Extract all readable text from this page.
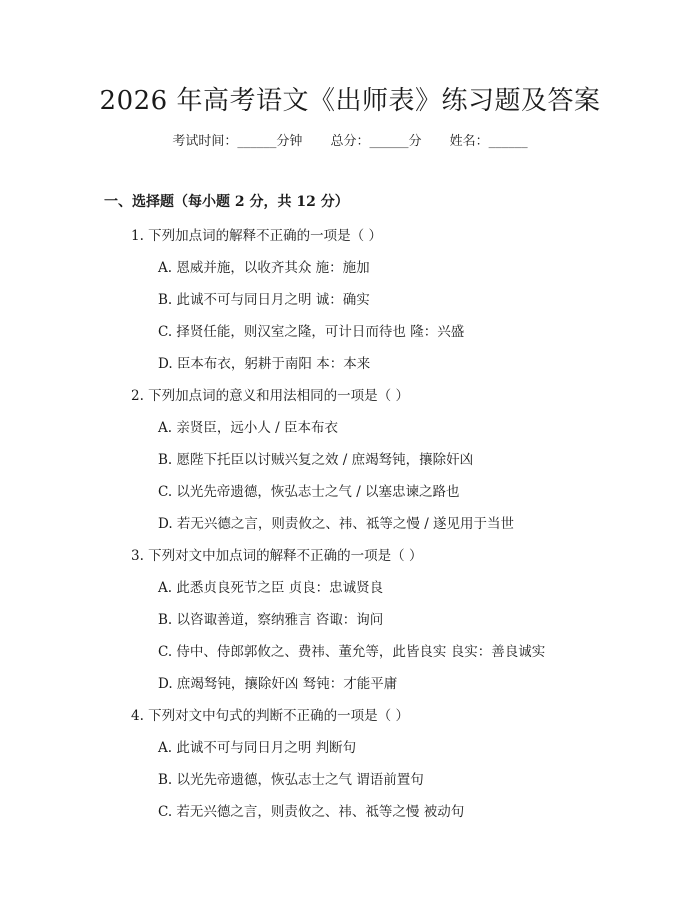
2026 年高考语文《出师表》练习题及答案
考试时间：______分钟 总分：______分 姓名：______
一、选择题（每小题 2 分，共 12 分）
1. 下列加点词的解释不正确的一项是（ ）
A. 恩威并施，以收齐其众 施：施加
B. 此诚不可与同日月之明 诚：确实
C. 择贤任能，则汉室之隆，可计日而待也 隆：兴盛
D. 臣本布衣，躬耕于南阳 本：本来
2. 下列加点词的意义和用法相同的一项是（ ）
A. 亲贤臣，远小人 / 臣本布衣
B. 愿陛下托臣以讨贼兴复之效 / 庶竭驽钝，攘除奸凶
C. 以光先帝遗德，恢弘志士之气 / 以塞忠谏之路也
D. 若无兴德之言，则责攸之、祎、祗等之慢 / 遂见用于当世
3. 下列对文中加点词的解释不正确的一项是（ ）
A. 此悉贞良死节之臣 贞良：忠诚贤良
B. 以咨诹善道，察纳雅言 咨诹：询问
C. 侍中、侍郎郭攸之、费祎、董允等，此皆良实 良实：善良诚实
D. 庶竭驽钝，攘除奸凶 驽钝：才能平庸
4. 下列对文中句式的判断不正确的一项是（ ）
A. 此诚不可与同日月之明 判断句
B. 以光先帝遗德，恢弘志士之气 谓语前置句
C. 若无兴德之言，则责攸之、祎、祗等之慢 被动句
